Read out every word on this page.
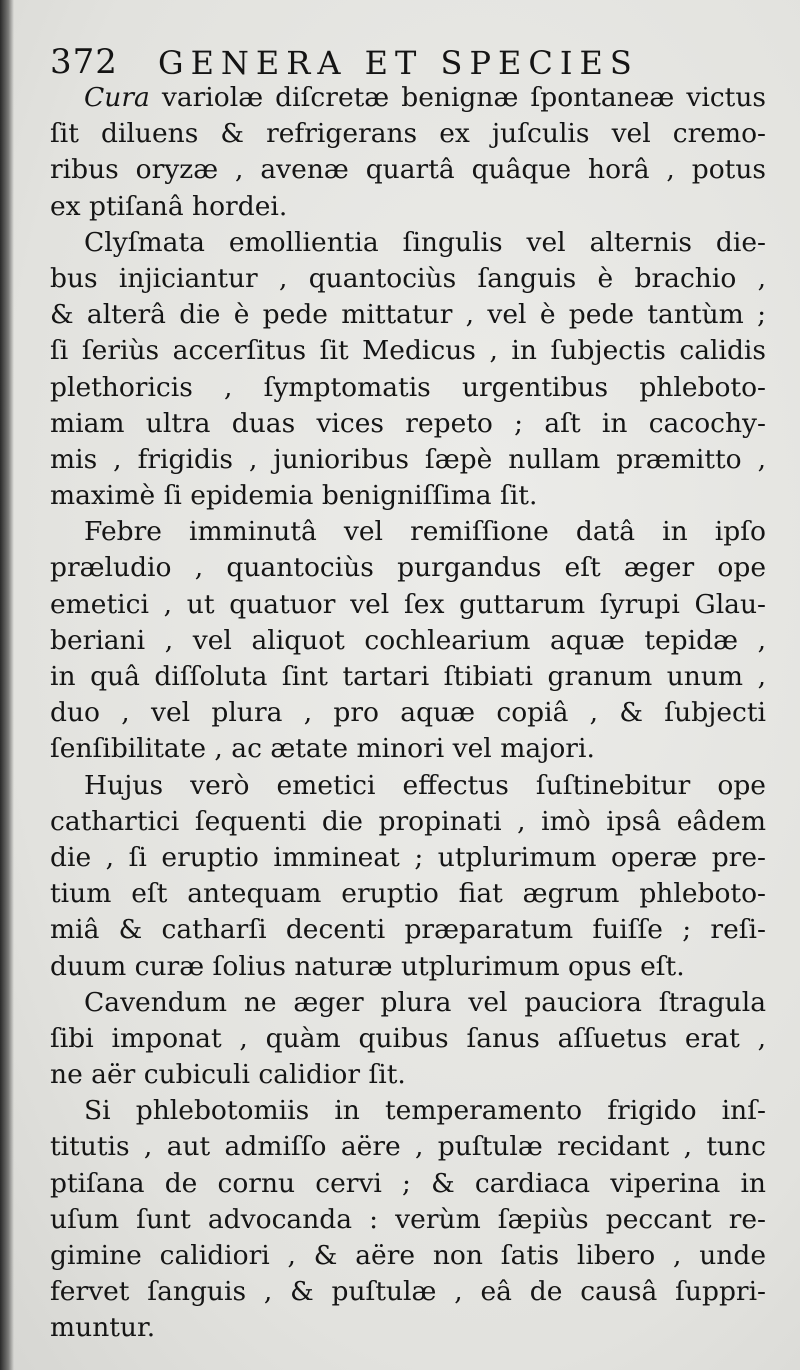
372 GENERA ET SPECIES
Cura variolæ diſcretæ benignæ ſpontaneæ victus
ſit diluens & refrigerans ex juſculis vel cremo-
ribus oryzæ , avenæ quartâ quâque horâ , potus
ex ptiſanâ hordei.
Clyſmata emollientia ſingulis vel alternis die-
bus injiciantur , quantociùs ſanguis è brachio ,
& alterâ die è pede mittatur , vel è pede tantùm ;
ſi ſeriùs accerſitus ſit Medicus , in ſubjectis calidis
plethoricis , ſymptomatis urgentibus phleboto-
miam ultra duas vices repeto ; aſt in cacochy-
mis , frigidis , junioribus ſæpè nullam præmitto ,
maximè ſi epidemia benigniſſima ſit.
Febre imminutâ vel remiſſione datâ in ipſo
præludio , quantociùs purgandus eſt æger ope
emetici , ut quatuor vel ſex guttarum ſyrupi Glau-
beriani , vel aliquot cochlearium aquæ tepidæ ,
in quâ diſſoluta ſint tartari ſtibiati granum unum ,
duo , vel plura , pro aquæ copiâ , & ſubjecti
ſenſibilitate , ac ætate minori vel majori.
Hujus verò emetici effectus ſuſtinebitur ope
cathartici ſequenti die propinati , imò ipsâ eâdem
die , ſi eruptio immineat ; utplurimum operæ pre-
tium eſt antequam eruptio fiat ægrum phleboto-
miâ & catharſi decenti præparatum fuiſſe ; reſi-
duum curæ ſolius naturæ utplurimum opus eſt.
Cavendum ne æger plura vel pauciora ſtragula
ſibi imponat , quàm quibus ſanus aſſuetus erat ,
ne aër cubiculi calidior ſit.
Si phlebotomiis in temperamento frigido inſ-
titutis , aut admiſſo aëre , puſtulæ recidant , tunc
ptiſana de cornu cervi ; & cardiaca viperina in
uſum ſunt advocanda : verùm ſæpiùs peccant re-
gimine calidiori , & aëre non ſatis libero , unde
fervet ſanguis , & puſtulæ , eâ de causâ ſuppri-
muntur.
